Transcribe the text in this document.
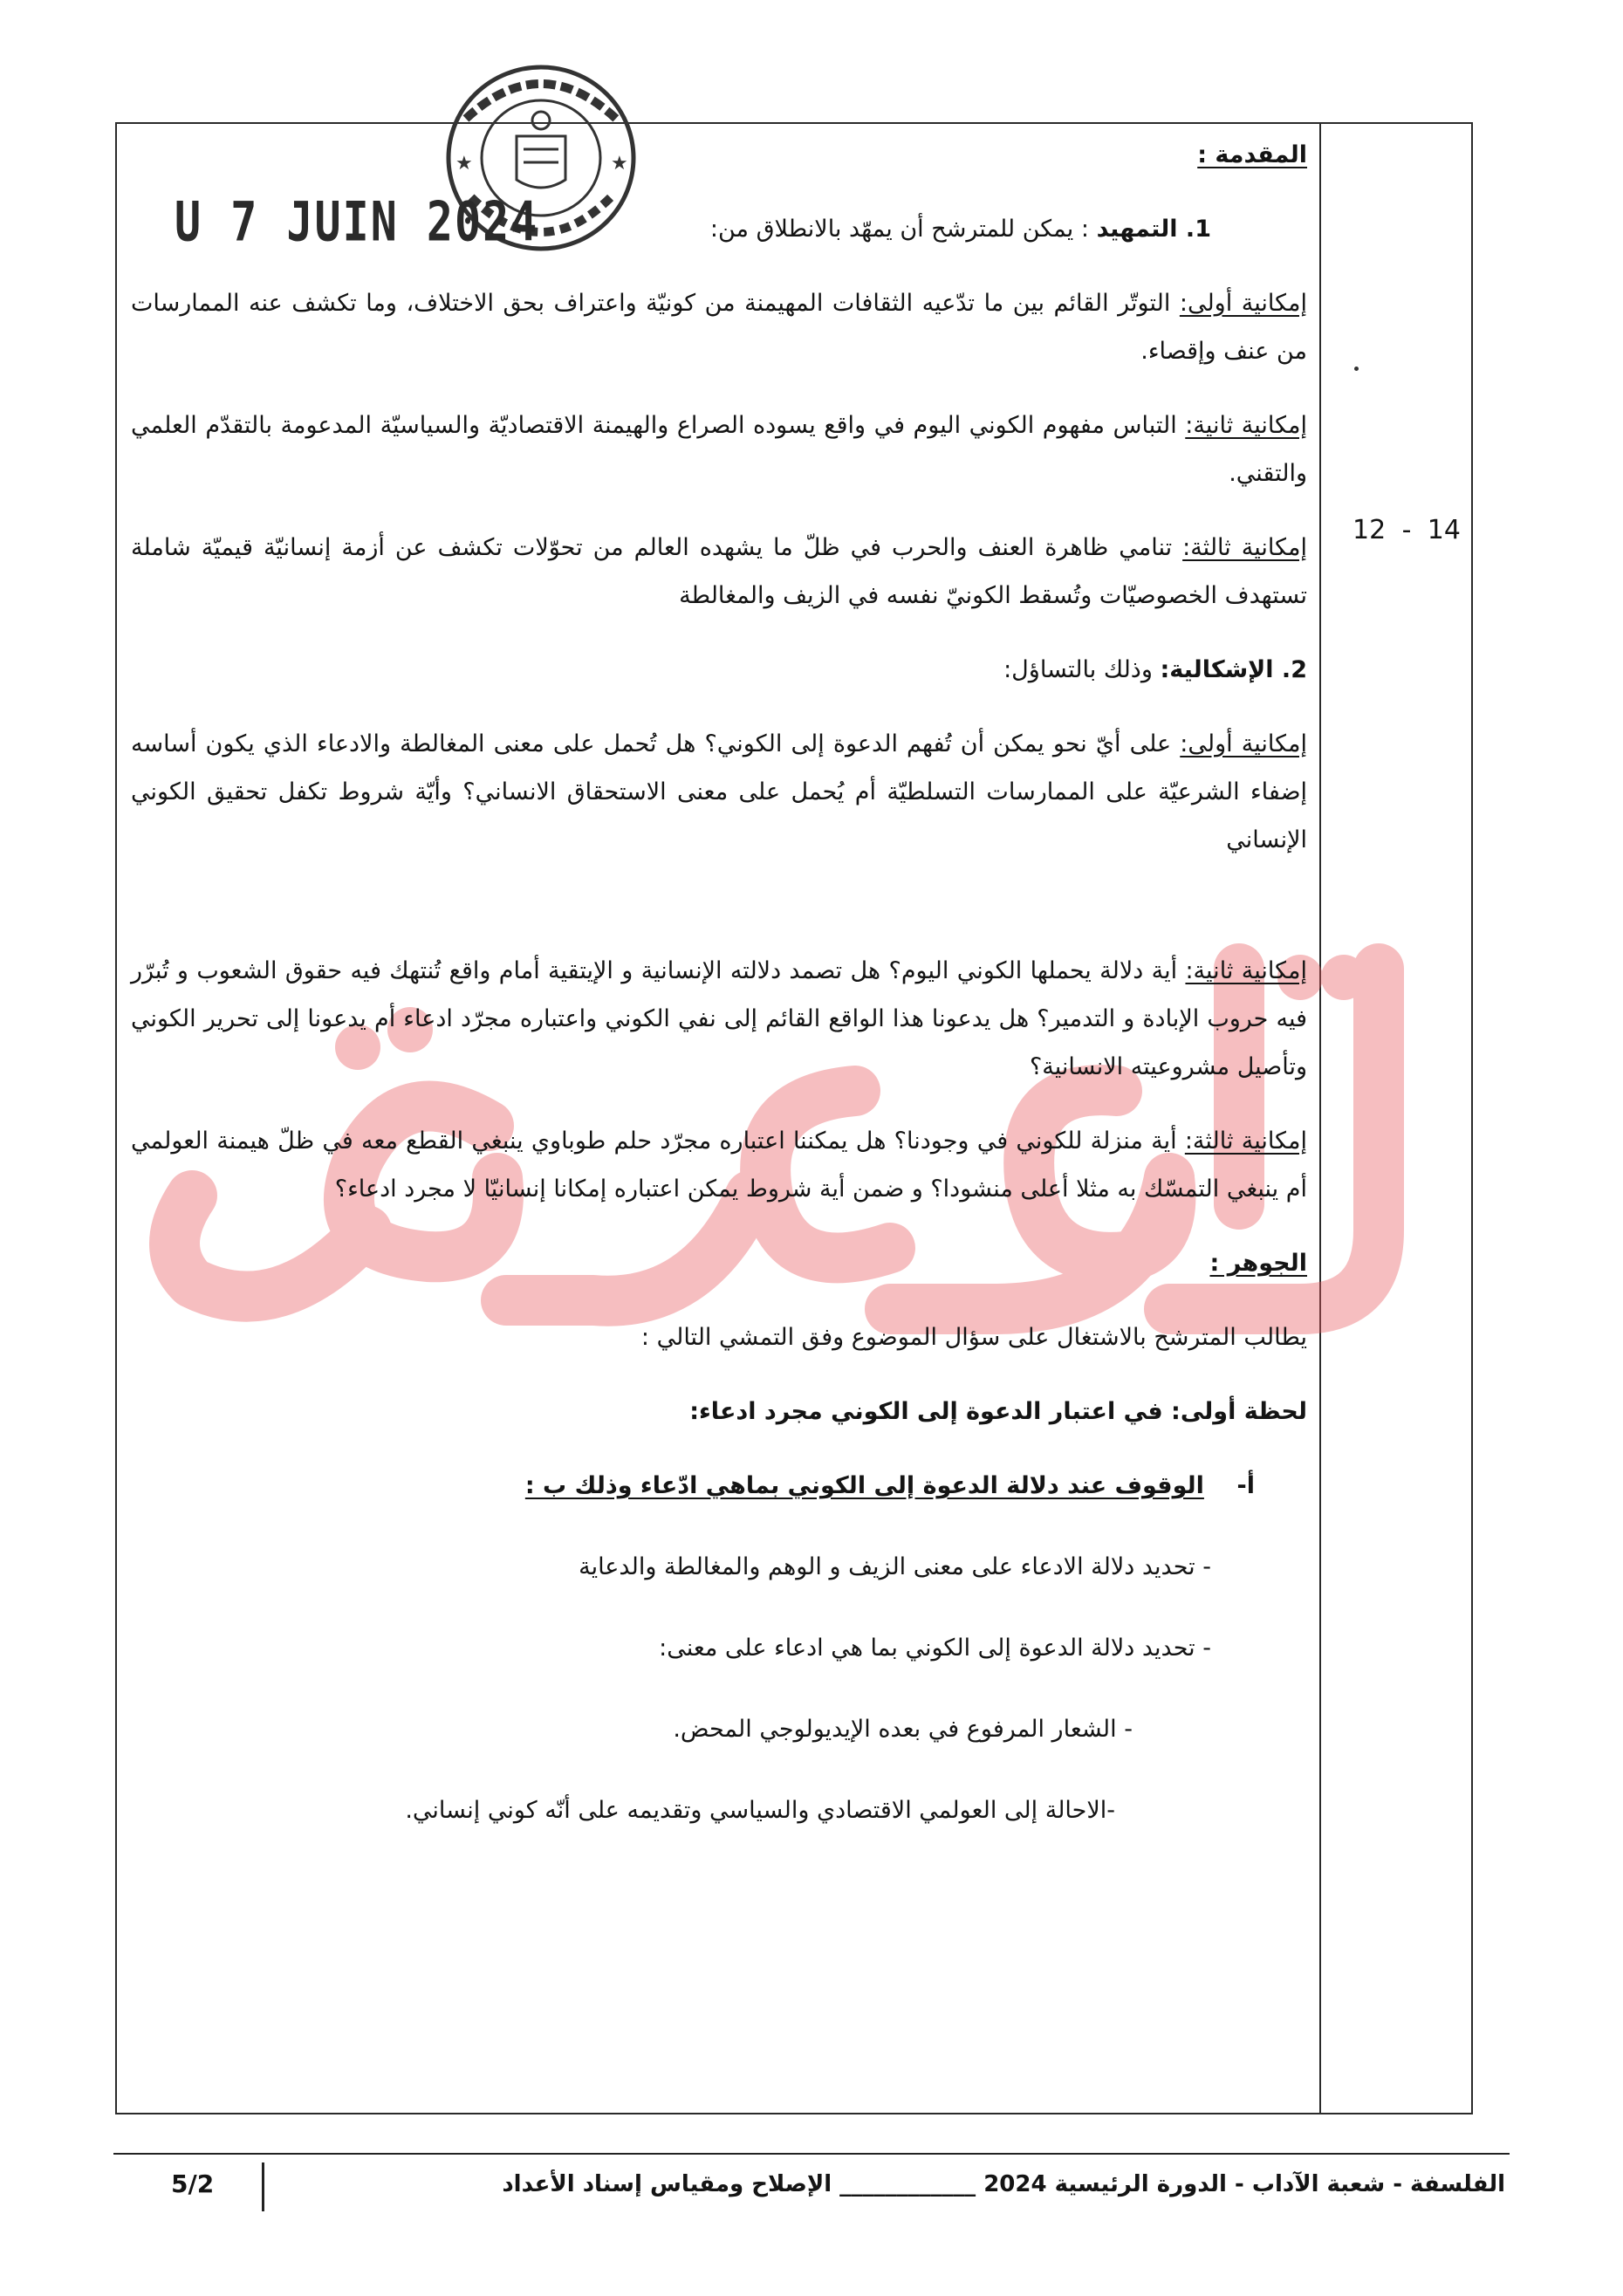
★	★
U 7 JUIN 2024
12 - 14

المقدمة :

1. التمهيد : يمكن للمترشح أن يمهّد بالانطلاق من:

إمكانية أولى: التوتّر القائم بين ما تدّعيه الثقافات المهيمنة من كونيّة واعتراف بحق الاختلاف، وما تكشف عنه الممارسات من عنف وإقصاء.

إمكانية ثانية: التباس مفهوم الكوني اليوم في واقع يسوده الصراع والهيمنة الاقتصاديّة والسياسيّة المدعومة بالتقدّم العلمي والتقني.

إمكانية ثالثة: تنامي ظاهرة العنف والحرب في ظلّ ما يشهده العالم من تحوّلات تكشف عن أزمة إنسانيّة قيميّة شاملة تستهدف الخصوصيّات وتُسقط الكونيّ نفسه في الزيف والمغالطة

2. الإشكالية: وذلك بالتساؤل:

إمكانية أولى: على أيّ نحو يمكن أن تُفهم الدعوة إلى الكوني؟ هل تُحمل على معنى المغالطة والادعاء الذي يكون أساسه إضفاء الشرعيّة على الممارسات التسلطيّة أم يُحمل على معنى الاستحقاق الانساني؟ وأيّة شروط تكفل تحقيق الكوني الإنساني

إمكانية ثانية: أية دلالة يحملها الكوني اليوم؟ هل تصمد دلالته الإنسانية و الإيتقية أمام واقع تُنتهك فيه حقوق الشعوب و تُبرّر فيه حروب الإبادة و التدمير؟ هل يدعونا هذا الواقع القائم إلى نفي الكوني واعتباره مجرّد ادعاء أم يدعونا إلى تحرير الكوني وتأصيل مشروعيته الانسانية؟

إمكانية ثالثة: أية منزلة للكوني في وجودنا؟ هل يمكننا اعتباره مجرّد حلم طوباوي ينبغي القطع معه في ظلّ هيمنة العولمي أم ينبغي التمسّك به مثلا أعلى منشودا؟ و ضمن أية شروط يمكن اعتباره إمكانا إنسانيّا لا مجرد ادعاء؟

الجوهر :

يطالب المترشح بالاشتغال على سؤال الموضوع وفق التمشي التالي :

لحظة أولى: في اعتبار الدعوة إلى الكوني مجرد ادعاء:

أ-    الوقوف عند دلالة الدعوة إلى الكوني بماهي ادّعاء وذلك ب :

- تحديد دلالة الادعاء على معنى الزيف و الوهم والمغالطة والدعاية

- تحديد دلالة الدعوة إلى الكوني بما هي ادعاء على معنى:

- الشعار المرفوع في بعده الإيديولوجي المحض.

-الاحالة إلى العولمي الاقتصادي والسياسي وتقديمه على أنّه كوني إنساني.

الفلسفة - شعبة الآداب - الدورة الرئيسية 2024 ____________ الإصلاح ومقياس إسناد الأعداد
5/2
